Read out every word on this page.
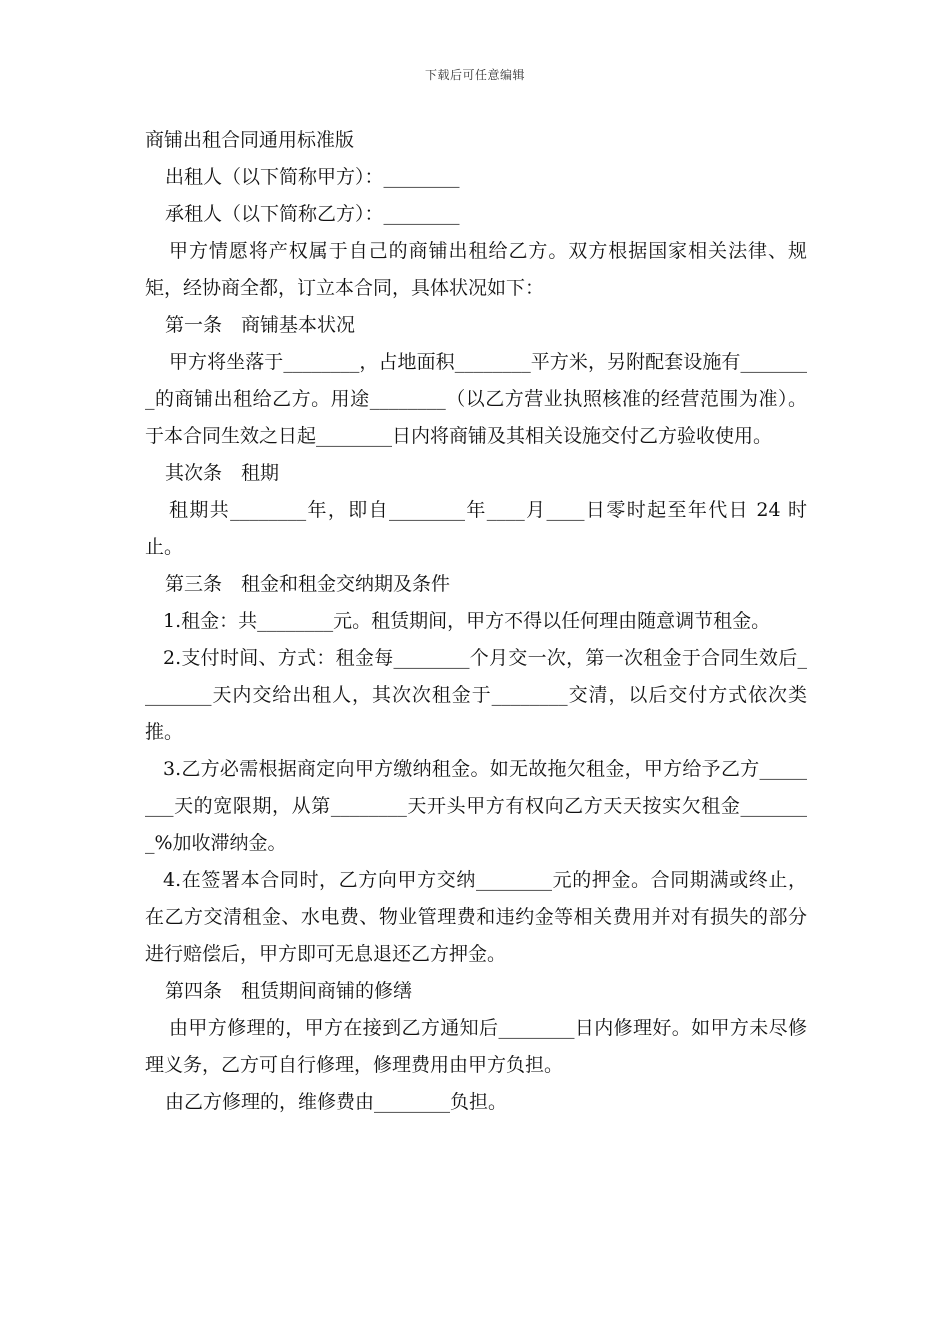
下载后可任意编辑

商铺出租合同通用标准版

出租人（以下简称甲方）：________

承租人（以下简称乙方）：________

甲方情愿将产权属于自己的商铺出租给乙方。双方根据国家相关法律、规矩，经协商全都，订立本合同，具体状况如下：

第一条　商铺基本状况

甲方将坐落于________，占地面积________平方米，另附配套设施有________的商铺出租给乙方。用途________（以乙方营业执照核准的经营范围为准）。于本合同生效之日起________日内将商铺及其相关设施交付乙方验收使用。

其次条　租期

租期共________年，即自________年____月____日零时起至年代日 24 时止。

第三条　租金和租金交纳期及条件

1.租金：共________元。租赁期间，甲方不得以任何理由随意调节租金。

2.支付时间、方式：租金每________个月交一次，第一次租金于合同生效后________天内交给出租人，其次次租金于________交清，以后交付方式依次类推。

3.乙方必需根据商定向甲方缴纳租金。如无故拖欠租金，甲方给予乙方________天的宽限期，从第________天开头甲方有权向乙方天天按实欠租金________%加收滞纳金。

4.在签署本合同时，乙方向甲方交纳________元的押金。合同期满或终止，在乙方交清租金、水电费、物业管理费和违约金等相关费用并对有损失的部分进行赔偿后，甲方即可无息退还乙方押金。

第四条　租赁期间商铺的修缮

由甲方修理的，甲方在接到乙方通知后________日内修理好。如甲方未尽修理义务，乙方可自行修理，修理费用由甲方负担。

由乙方修理的，维修费由________负担。
